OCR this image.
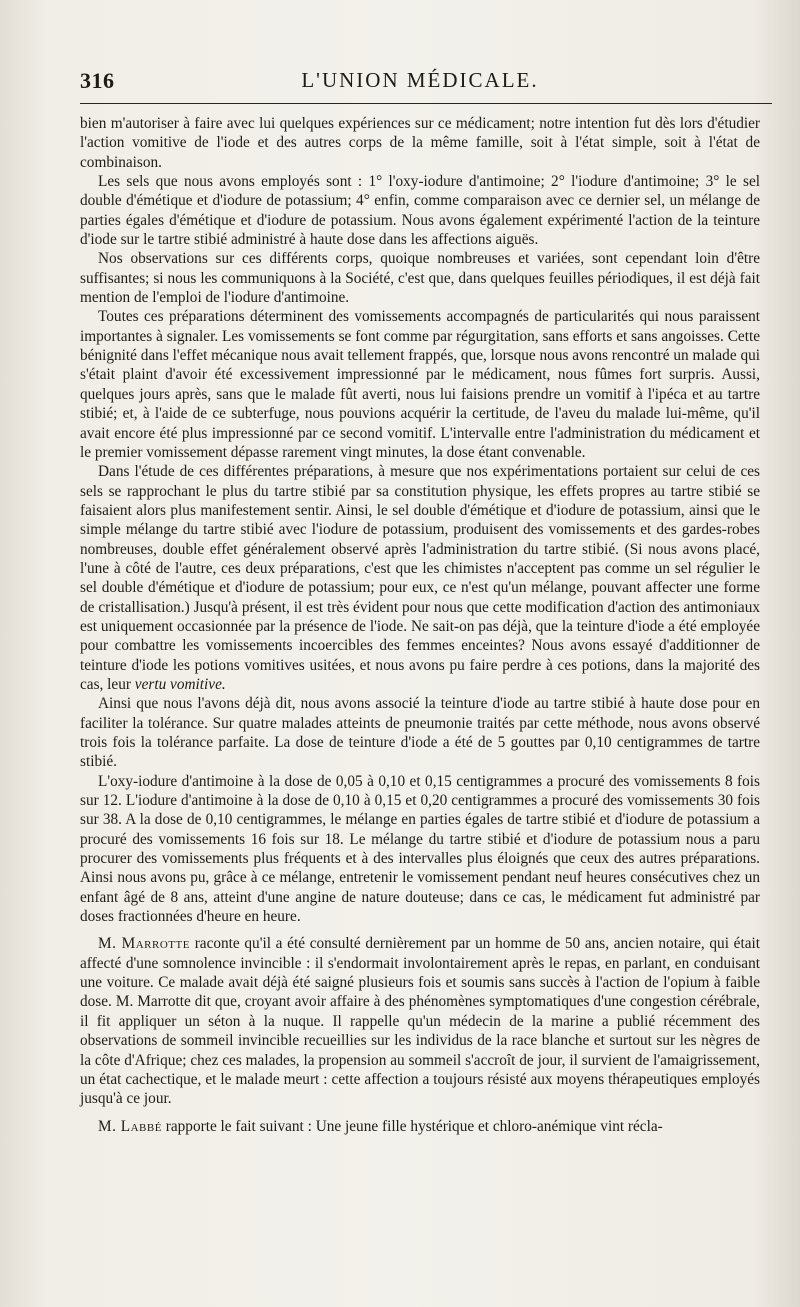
316	L'UNION MÉDICALE.

bien m'autoriser à faire avec lui quelques expériences sur ce médicament; notre intention fut dès lors d'étudier l'action vomitive de l'iode et des autres corps de la même famille, soit à l'état simple, soit à l'état de combinaison.

Les sels que nous avons employés sont : 1° l'oxy-iodure d'antimoine; 2° l'iodure d'antimoine; 3° le sel double d'émétique et d'iodure de potassium; 4° enfin, comme comparaison avec ce dernier sel, un mélange de parties égales d'émétique et d'iodure de potassium. Nous avons également expérimenté l'action de la teinture d'iode sur le tartre stibié administré à haute dose dans les affections aiguës.

Nos observations sur ces différents corps, quoique nombreuses et variées, sont cependant loin d'être suffisantes; si nous les communiquons à la Société, c'est que, dans quelques feuilles périodiques, il est déjà fait mention de l'emploi de l'iodure d'antimoine.

Toutes ces préparations déterminent des vomissements accompagnés de particularités qui nous paraissent importantes à signaler. Les vomissements se font comme par régurgitation, sans efforts et sans angoisses. Cette bénignité dans l'effet mécanique nous avait tellement frappés, que, lorsque nous avons rencontré un malade qui s'était plaint d'avoir été excessivement impressionné par le médicament, nous fûmes fort surpris. Aussi, quelques jours après, sans que le malade fût averti, nous lui faisions prendre un vomitif à l'ipéca et au tartre stibié; et, à l'aide de ce subterfuge, nous pouvions acquérir la certitude, de l'aveu du malade lui-même, qu'il avait encore été plus impressionné par ce second vomitif. L'intervalle entre l'administration du médicament et le premier vomissement dépasse rarement vingt minutes, la dose étant convenable.

Dans l'étude de ces différentes préparations, à mesure que nos expérimentations portaient sur celui de ces sels se rapprochant le plus du tartre stibié par sa constitution physique, les effets propres au tartre stibié se faisaient alors plus manifestement sentir. Ainsi, le sel double d'émétique et d'iodure de potassium, ainsi que le simple mélange du tartre stibié avec l'iodure de potassium, produisent des vomissements et des gardes-robes nombreuses, double effet généralement observé après l'administration du tartre stibié. (Si nous avons placé, l'une à côté de l'autre, ces deux préparations, c'est que les chimistes n'acceptent pas comme un sel régulier le sel double d'émétique et d'iodure de potassium; pour eux, ce n'est qu'un mélange, pouvant affecter une forme de cristallisation.) Jusqu'à présent, il est très évident pour nous que cette modification d'action des antimoniaux est uniquement occasionnée par la présence de l'iode. Ne sait-on pas déjà, que la teinture d'iode a été employée pour combattre les vomissements incoercibles des femmes enceintes? Nous avons essayé d'additionner de teinture d'iode les potions vomitives usitées, et nous avons pu faire perdre à ces potions, dans la majorité des cas, leur vertu vomitive.

Ainsi que nous l'avons déjà dit, nous avons associé la teinture d'iode au tartre stibié à haute dose pour en faciliter la tolérance. Sur quatre malades atteints de pneumonie traités par cette méthode, nous avons observé trois fois la tolérance parfaite. La dose de teinture d'iode a été de 5 gouttes par 0,10 centigrammes de tartre stibié.

L'oxy-iodure d'antimoine à la dose de 0,05 à 0,10 et 0,15 centigrammes a procuré des vomissements 8 fois sur 12. L'iodure d'antimoine à la dose de 0,10 à 0,15 et 0,20 centigrammes a procuré des vomissements 30 fois sur 38. A la dose de 0,10 centigrammes, le mélange en parties égales de tartre stibié et d'iodure de potassium a procuré des vomissements 16 fois sur 18. Le mélange du tartre stibié et d'iodure de potassium nous a paru procurer des vomissements plus fréquents et à des intervalles plus éloignés que ceux des autres préparations. Ainsi nous avons pu, grâce à ce mélange, entretenir le vomissement pendant neuf heures consécutives chez un enfant âgé de 8 ans, atteint d'une angine de nature douteuse; dans ce cas, le médicament fut administré par doses fractionnées d'heure en heure.

M. Marrotte raconte qu'il a été consulté dernièrement par un homme de 50 ans, ancien notaire, qui était affecté d'une somnolence invincible : il s'endormait involontairement après le repas, en parlant, en conduisant une voiture. Ce malade avait déjà été saigné plusieurs fois et soumis sans succès à l'action de l'opium à faible dose. M. Marrotte dit que, croyant avoir affaire à des phénomènes symptomatiques d'une congestion cérébrale, il fit appliquer un séton à la nuque. Il rappelle qu'un médecin de la marine a publié récemment des observations de sommeil invincible recueillies sur les individus de la race blanche et surtout sur les nègres de la côte d'Afrique; chez ces malades, la propension au sommeil s'accroît de jour, il survient de l'amaigrissement, un état cachectique, et le malade meurt : cette affection a toujours résisté aux moyens thérapeutiques employés jusqu'à ce jour.

M. Labbé rapporte le fait suivant : Une jeune fille hystérique et chloro-anémique vint récla-
